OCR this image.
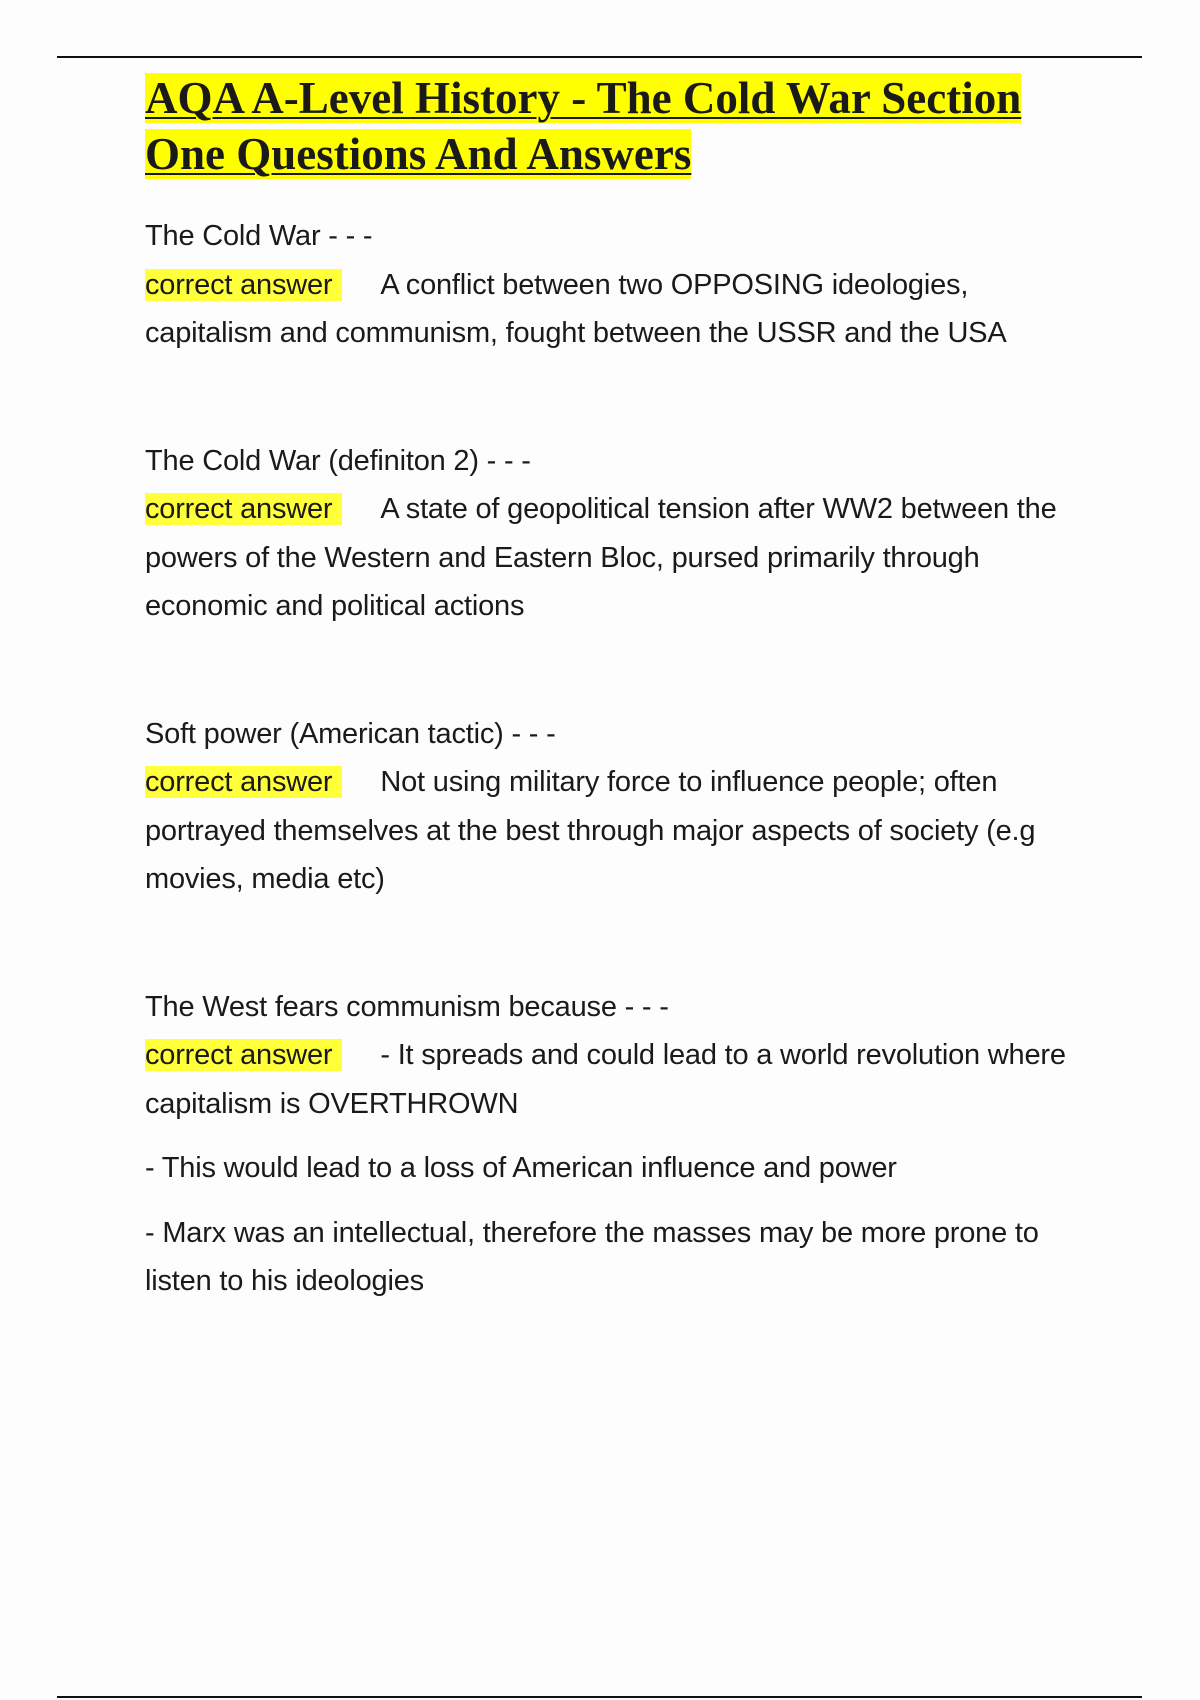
AQA A-Level History - The Cold War Section One Questions And Answers
The Cold War - - -
correct answer A conflict between two OPPOSING ideologies, capitalism and communism, fought between the USSR and the USA
The Cold War (definiton 2) - - -
correct answer A state of geopolitical tension after WW2 between the powers of the Western and Eastern Bloc, pursed primarily through economic and political actions
Soft power (American tactic) - - -
correct answer Not using military force to influence people; often portrayed themselves at the best through major aspects of society (e.g movies, media etc)
The West fears communism because - - -
correct answer - It spreads and could lead to a world revolution where capitalism is OVERTHROWN
- This would lead to a loss of American influence and power
- Marx was an intellectual, therefore the masses may be more prone to listen to his ideologies
